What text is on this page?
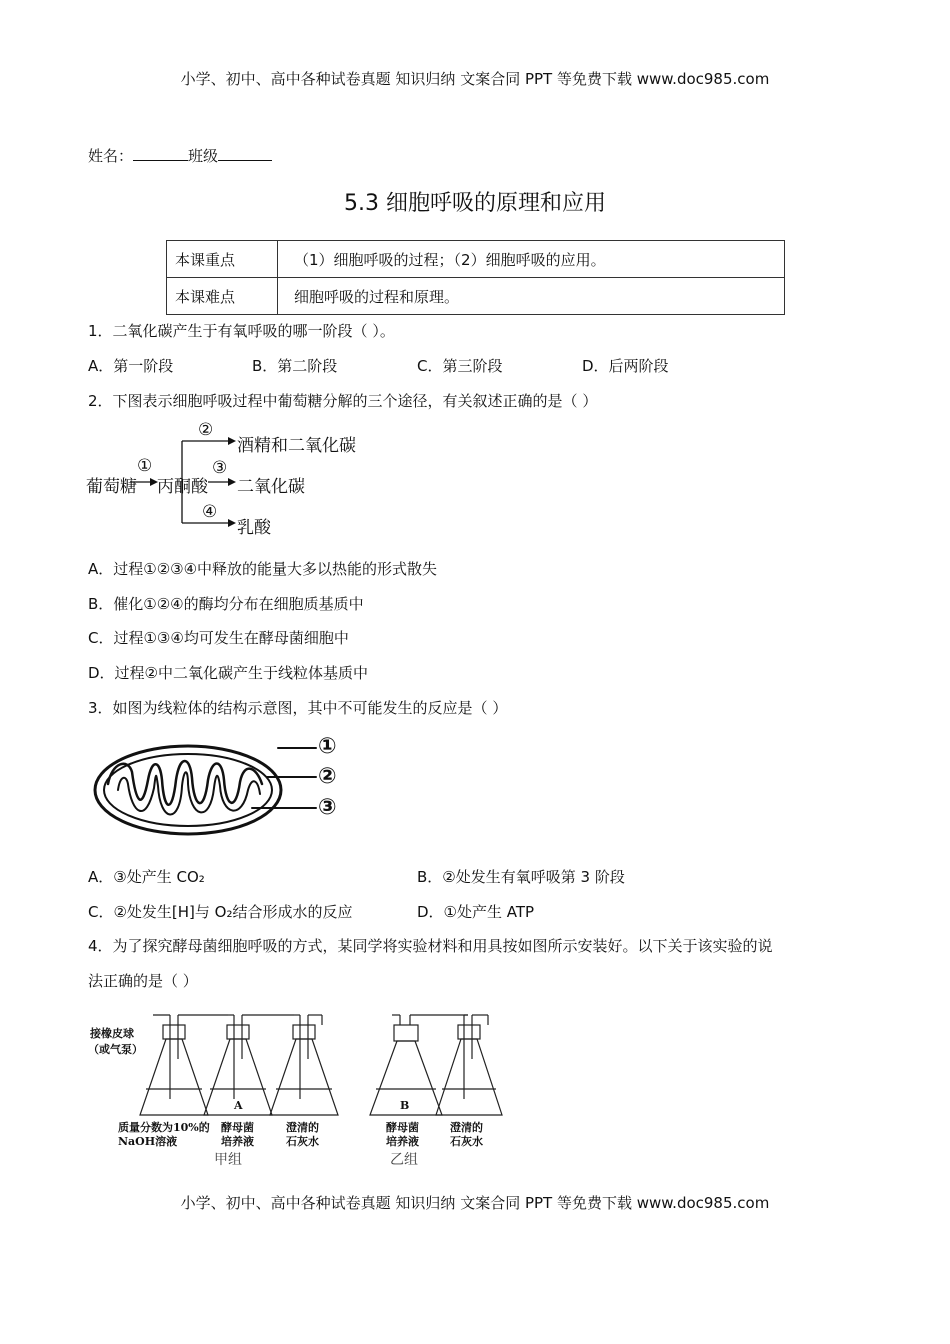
小学、初中、高中各种试卷真题 知识归纳 文案合同 PPT 等免费下载 www.doc985.com
姓名：	班级
5.3 细胞呼吸的原理和应用
本课重点	（1）细胞呼吸的过程；（2）细胞呼吸的应用。
本课难点	细胞呼吸的过程和原理。
1．二氧化碳产生于有氧呼吸的哪一阶段（ ）。
A．第一阶段	B．第二阶段	C．第三阶段	D．后两阶段
2．下图表示细胞呼吸过程中葡萄糖分解的三个途径，有关叙述正确的是（ ）
葡萄糖
①
丙酮酸
②
③
④
酒精和二氧化碳
二氧化碳
乳酸
A．过程①②③④中释放的能量大多以热能的形式散失
B．催化①②④的酶均分布在细胞质基质中
C．过程①③④均可发生在酵母菌细胞中
D．过程②中二氧化碳产生于线粒体基质中
3．如图为线粒体的结构示意图，其中不可能发生的反应是（ ）
①
②
③
A．③处产生 CO₂	B．②处发生有氧呼吸第 3 阶段
C．②处发生[H]与 O₂结合形成水的反应	D．①处产生 ATP
4．为了探究酵母菌细胞呼吸的方式，某同学将实验材料和用具按如图所示安装好。以下关于该实验的说
法正确的是（ ）
接橡皮球
（或气泵）
A	B
质量分数为10%的
NaOH溶液
酵母菌
培养液
澄清的
石灰水
酵母菌
培养液
澄清的
石灰水
甲组	乙组
小学、初中、高中各种试卷真题 知识归纳 文案合同 PPT 等免费下载 www.doc985.com
